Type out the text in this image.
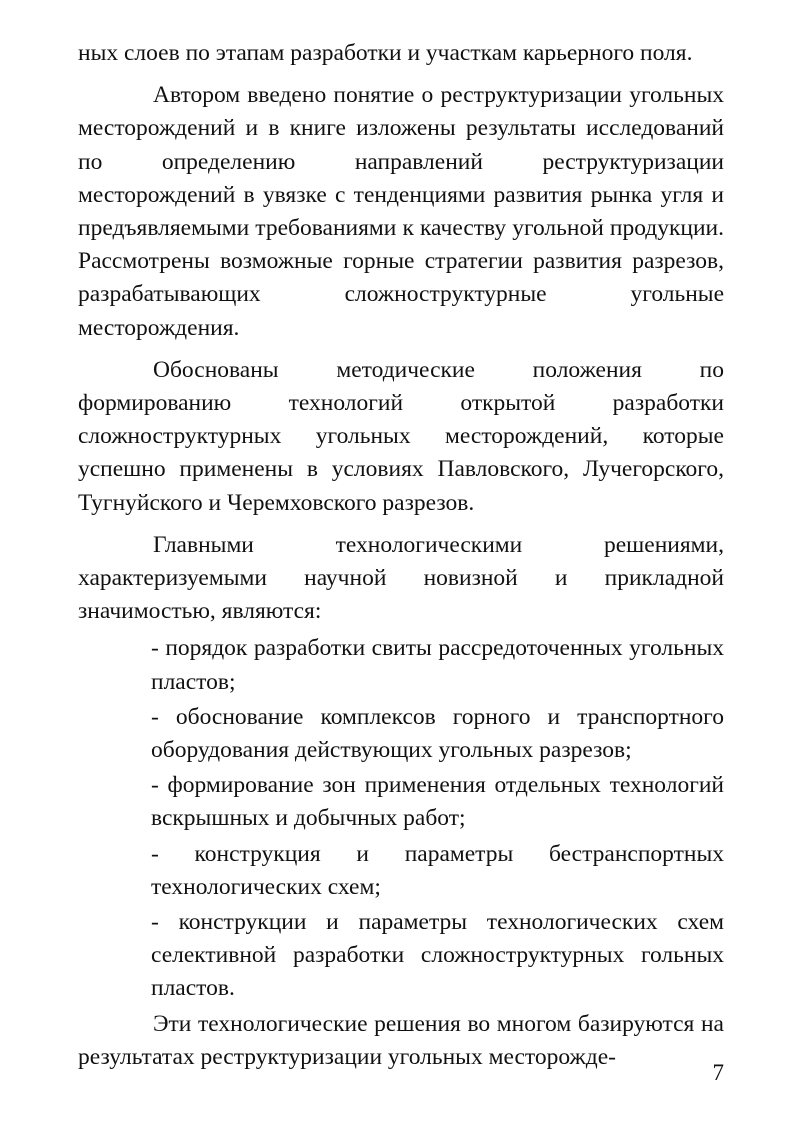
ных слоев по этапам разработки и участкам карьерного поля.

Автором введено понятие о реструктуризации угольных месторождений и в книге изложены результаты исследований по определению направлений реструктуризации месторождений в увязке с тенденциями развития рынка угля и предъявляемыми требованиями к качеству угольной продукции. Рассмотрены возможные горные стратегии развития разрезов, разрабатывающих сложноструктурные угольные месторождения.

Обоснованы методические положения по формированию технологий открытой разработки сложноструктурных угольных месторождений, которые успешно применены в условиях Павловского, Лучегорского, Тугнуйского и Черемховского разрезов.

Главными технологическими решениями, характеризуемыми научной новизной и прикладной значимостью, являются:

- порядок разработки свиты рассредоточенных угольных пластов;
- обоснование комплексов горного и транспортного оборудования действующих угольных разрезов;
- формирование зон применения отдельных технологий вскрышных и добычных работ;
- конструкция и параметры бестранспортных технологических схем;
- конструкции и параметры технологических схем селективной разработки сложноструктурных гольных пластов.

Эти технологические решения во многом базируются на результатах реструктуризации угольных месторожде-

7
